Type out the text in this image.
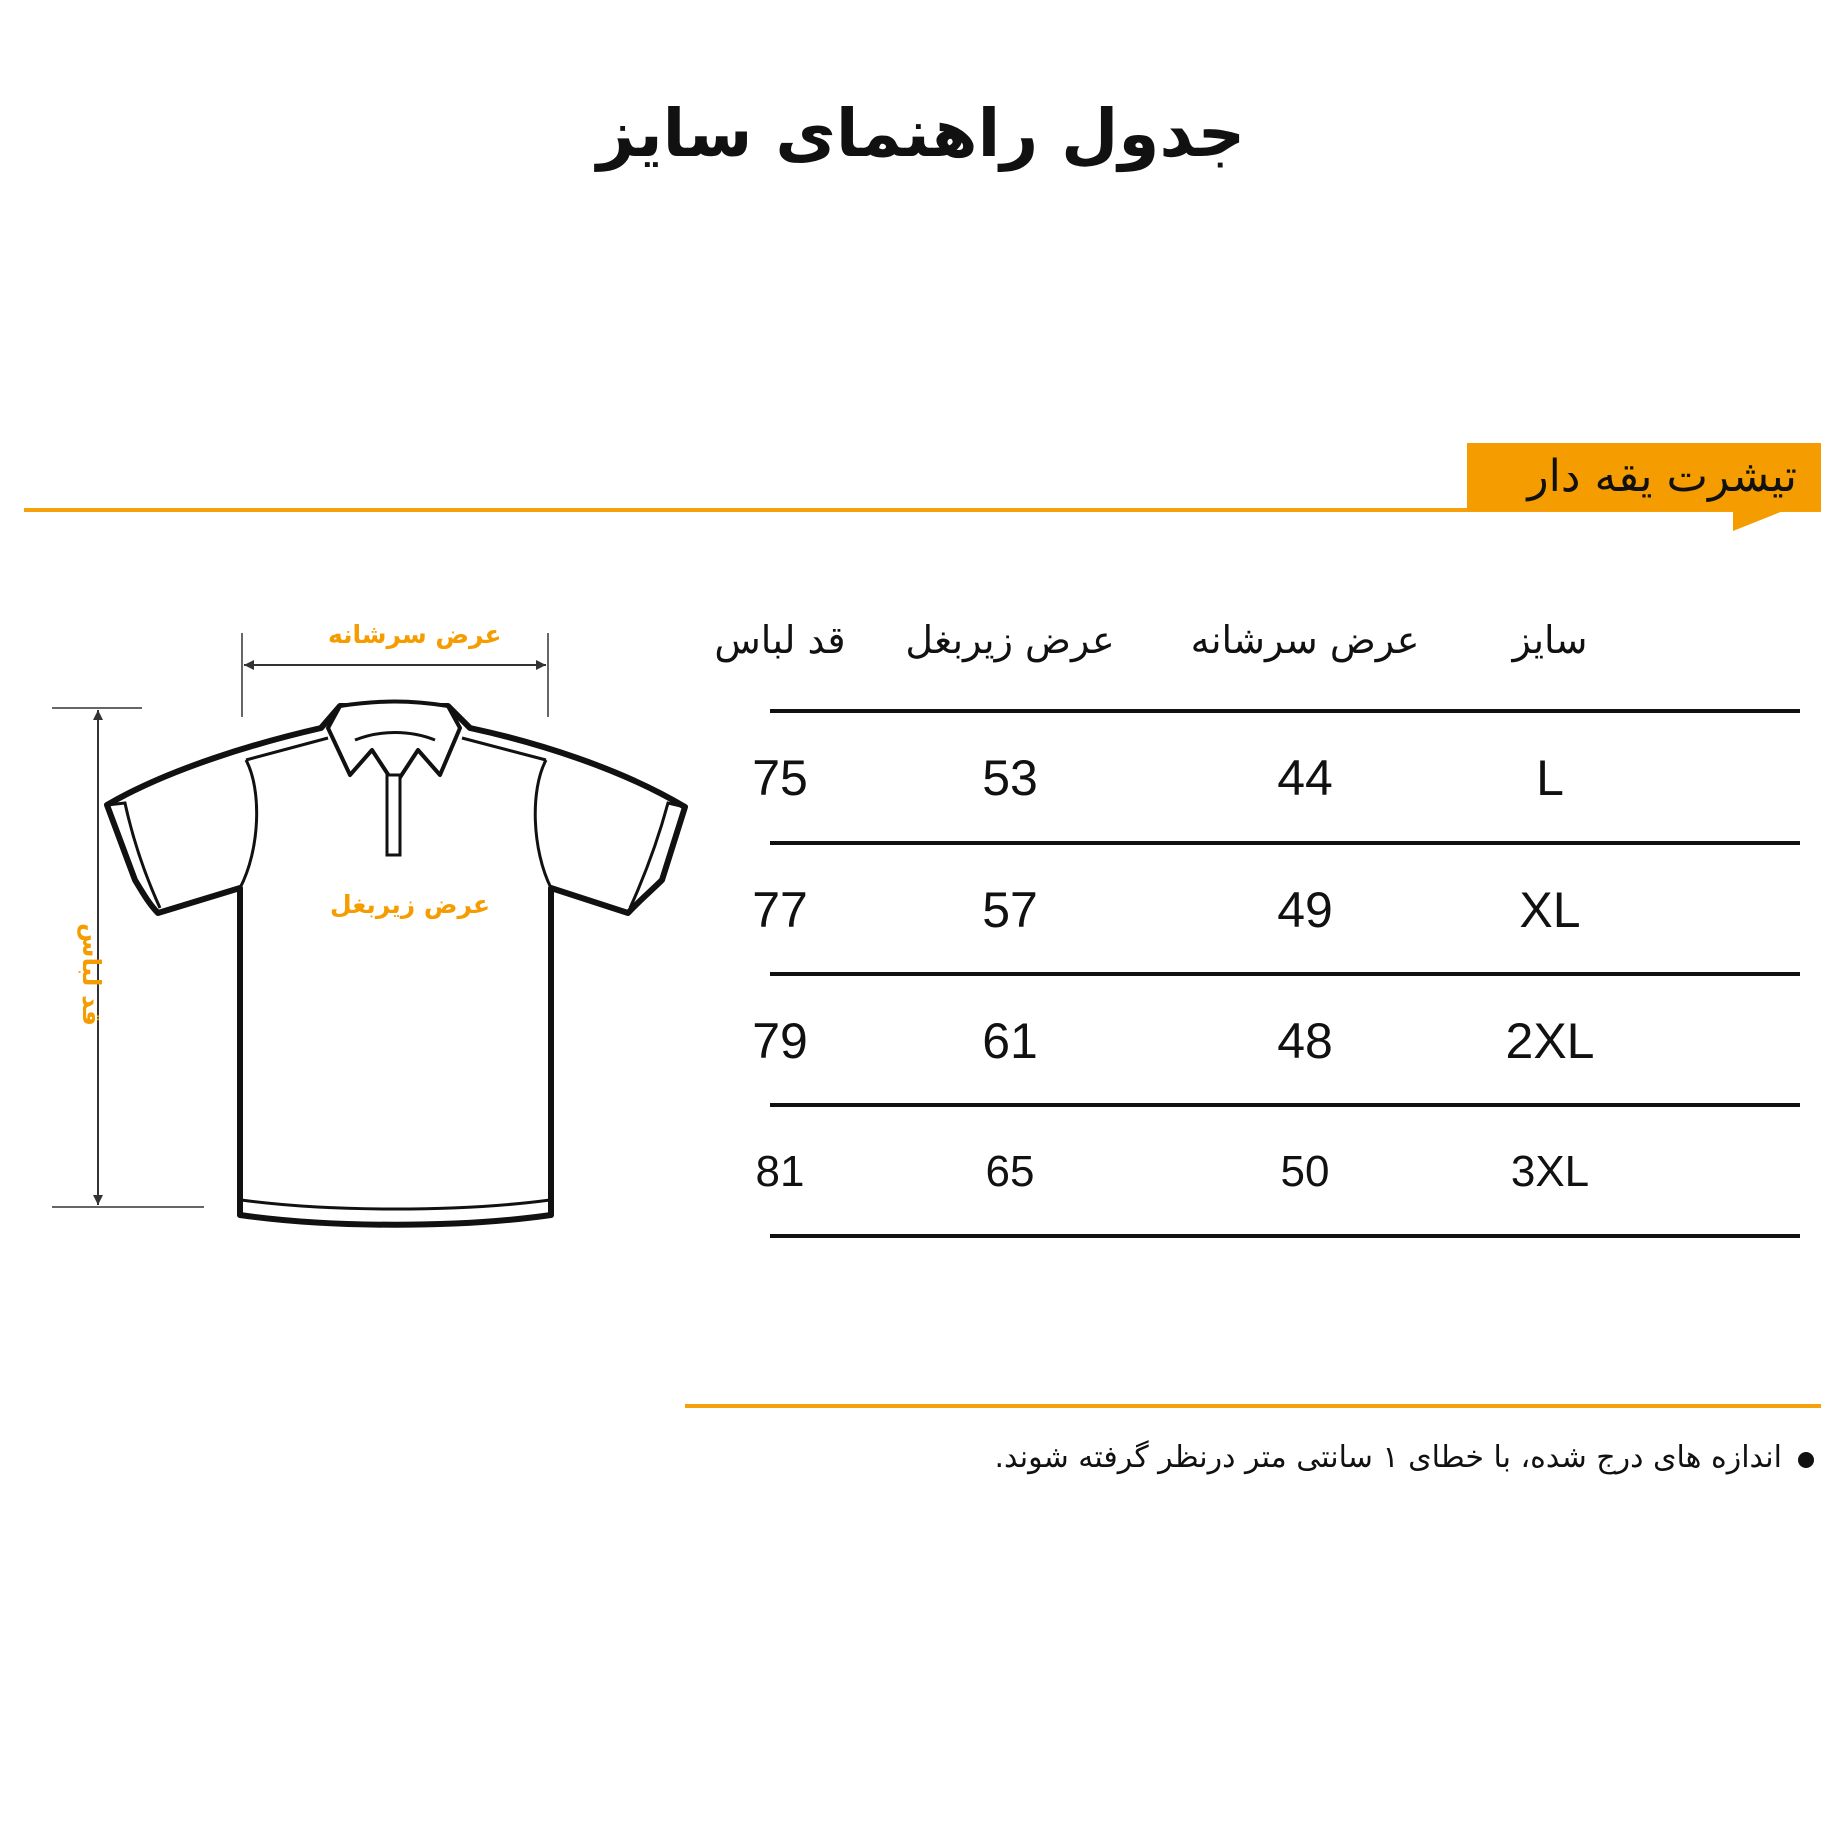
جدول راهنمای سایز
تیشرت یقه دار
عرض سرشانه
عرض زیربغل
قد لباس
سایز
عرض سرشانه
عرض زیربغل
قد لباس
L
44
53
75
XL
49
57
77
2XL
48
61
79
3XL
50
65
81
اندازه های درج شده، با خطای ۱ سانتی متر درنظر گرفته شوند.
